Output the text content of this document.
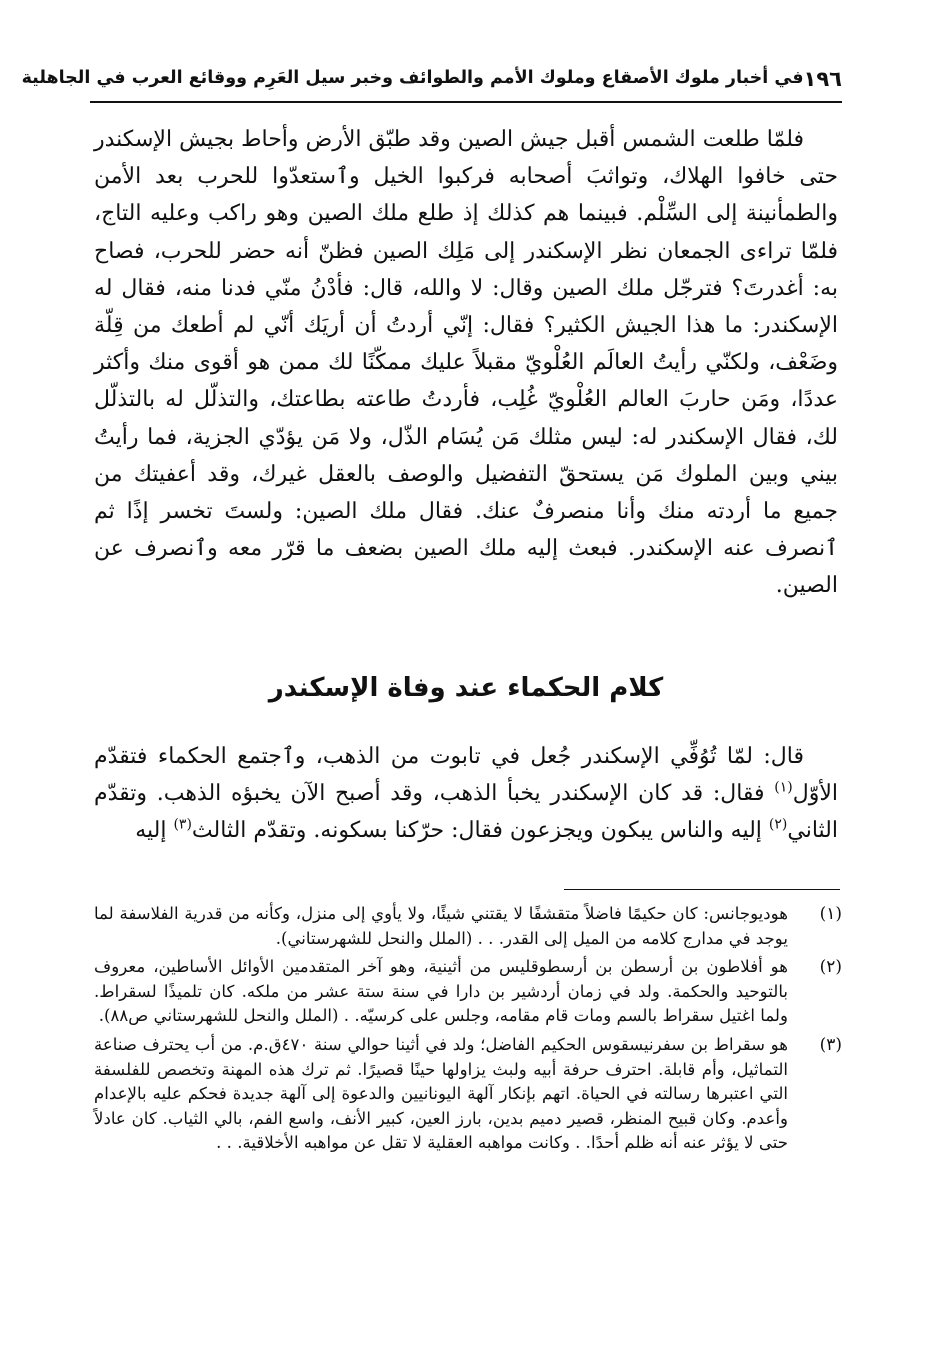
١٩٦
في أخبار ملوك الأصقاع وملوك الأمم والطوائف وخبر سيل العَرِم ووقائع العرب في الجاهلية

فلمّا طلعت الشمس أقبل جيش الصين وقد طبّق الأرض وأحاط بجيش الإسكندر حتى خافوا الهلاك، وتواثبَ أصحابه فركبوا الخيل وٱستعدّوا للحرب بعد الأمن والطمأنينة إلى السِّلْم. فبينما هم كذلك إذ طلع ملك الصين وهو راكب وعليه التاج، فلمّا تراءى الجمعان نظر الإسكندر إلى مَلِك الصين فظنّ أنه حضر للحرب، فصاح به: أغدرتَ؟ فترجّل ملك الصين وقال: لا والله، قال: فأدْنُ منّي فدنا منه، فقال له الإسكندر: ما هذا الجيش الكثير؟ فقال: إنّي أردتُ أن أريَك أنّي لم أطعك من قِلّة وضَعْف، ولكنّي رأيتُ العالَم العُلْويّ مقبلاً عليك ممكّنًا لك ممن هو أقوى منك وأكثر عددًا، ومَن حاربَ العالم العُلْويّ غُلِب، فأردتُ طاعته بطاعتك، والتذلّل له بالتذلّل لك، فقال الإسكندر له: ليس مثلك مَن يُسَام الذّل، ولا مَن يؤدّي الجزية، فما رأيتُ بيني وبين الملوك مَن يستحقّ التفضيل والوصف بالعقل غيرك، وقد أعفيتك من جميع ما أردته منك وأنا منصرفٌ عنك. فقال ملك الصين: ولستَ تخسر إذًا ثم ٱنصرف عنه الإسكندر. فبعث إليه ملك الصين بضعف ما قرّر معه وٱنصرف عن الصين.

كلام الحكماء عند وفاة الإسكندر

قال: لمّا تُوُفِّي الإسكندر جُعل في تابوت من الذهب، وٱجتمع الحكماء فتقدّم الأوّل$^{(١)}$ فقال: قد كان الإسكندر يخبأ الذهب، وقد أصبح الآن يخبؤه الذهب. وتقدّم الثاني$^{(٢)}$ إليه والناس يبكون ويجزعون فقال: حرّكنا بسكونه. وتقدّم الثالث$^{(٣)}$ إليه

(١)

هوديوجانس: كان حكيمًا فاضلاً متقشفًا لا يقتني شيئًا، ولا يأوي إلى منزل، وكأنه من قدرية الفلاسفة لما يوجد في مدارج كلامه من الميل إلى القدر. . . (الملل والنحل للشهرستاني).

(٢)

هو أفلاطون بن أرسطن بن أرسطوقليس من أثينية، وهو آخر المتقدمين الأوائل الأساطين، معروف بالتوحيد والحكمة. ولد في زمان أردشير بن دارا في سنة ستة عشر من ملكه. كان تلميذًا لسقراط. ولما اغتيل سقراط بالسم ومات قام مقامه، وجلس على كرسيّه. . (الملل والنحل للشهرستاني ص٨٨).

(٣)

هو سقراط بن سفرنيسقوس الحكيم الفاضل؛ ولد في أثينا حوالي سنة ٤٧٠ق.م. من أب يحترف صناعة التماثيل، وأم قابلة. احترف حرفة أبيه ولبث يزاولها حينًا قصيرًا. ثم ترك هذه المهنة وتخصص للفلسفة التي اعتبرها رسالته في الحياة. اتهم بإنكار آلهة اليونانيين والدعوة إلى آلهة جديدة فحكم عليه بالإعدام وأعدم. وكان قبيح المنظر، قصير دميم بدين، بارز العين، كبير الأنف، واسع الفم، بالي الثياب. كان عادلاً حتى لا يؤثر عنه أنه ظلم أحدًا. . وكانت مواهبه العقلية لا تقل عن مواهبه الأخلاقية. . .
